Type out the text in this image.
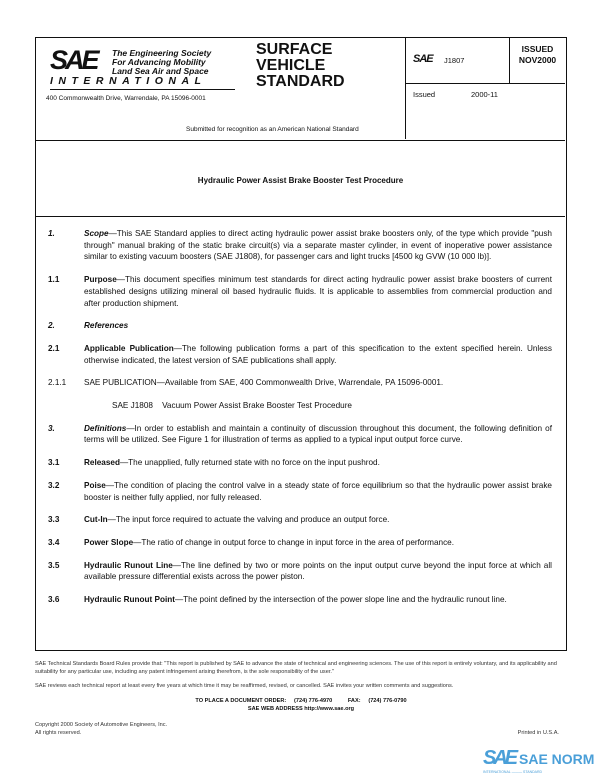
SAE	The Engineering Society
For Advancing Mobility
Land Sea Air and Space
INTERNATIONAL
400 Commonwealth Drive, Warrendale, PA 15096-0001
SURFACE
VEHICLE
STANDARD
Submitted for recognition as an American National Standard
SAE J1807
ISSUED
NOV2000
Issued	2000-11
Hydraulic Power Assist Brake Booster Test Procedure
1.	Scope—This SAE Standard applies to direct acting hydraulic power assist brake boosters only, of the type which provide "push through" manual braking of the static brake circuit(s) via a separate master cylinder, in event of inoperative power assistance similar to existing vacuum boosters (SAE J1808), for passenger cars and light trucks [4500 kg GVW (10 000 lb)].
1.1	Purpose—This document specifies minimum test standards for direct acting hydraulic power assist brake boosters of current established designs utilizing mineral oil based hydraulic fluids. It is applicable to assemblies from commercial production and after production shipment.
2.	References
2.1	Applicable Publication—The following publication forms a part of this specification to the extent specified herein. Unless otherwise indicated, the latest version of SAE publications shall apply.
2.1.1 SAE PUBLICATION—Available from SAE, 400 Commonwealth Drive, Warrendale, PA 15096-0001.
SAE J1808    Vacuum Power Assist Brake Booster Test Procedure
3.	Definitions—In order to establish and maintain a continuity of discussion throughout this document, the following definition of terms will be utilized. See Figure 1 for illustration of terms as applied to a typical input output force curve.
3.1	Released—The unapplied, fully returned state with no force on the input pushrod.
3.2	Poise—The condition of placing the control valve in a steady state of force equilibrium so that the hydraulic power assist brake booster is neither fully applied, nor fully released.
3.3	Cut-In—The input force required to actuate the valving and produce an output force.
3.4	Power Slope—The ratio of change in output force to change in input force in the area of performance.
3.5	Hydraulic Runout Line—The line defined by two or more points on the input output curve beyond the input force at which all available pressure differential exists across the power piston.
3.6	Hydraulic Runout Point—The point defined by the intersection of the power slope line and the hydraulic runout line.
SAE Technical Standards Board Rules provide that: "This report is published by SAE to advance the state of technical and engineering sciences. The use of this report is entirely voluntary, and its applicability and suitability for any particular use, including any patent infringement arising therefrom, is the sole responsibility of the user."
SAE reviews each technical report at least every five years at which time it may be reaffirmed, revised, or cancelled. SAE invites your written comments and suggestions.
TO PLACE A DOCUMENT ORDER:     (724) 776-4970          FAX:     (724) 776-0790
SAE WEB ADDRESS http://www.sae.org
Copyright 2000 Society of Automotive Engineers, Inc.
All rights reserved.	Printed in U.S.A.
SAE SAE NORM
INTERNATIONAL ——— STANDARD
